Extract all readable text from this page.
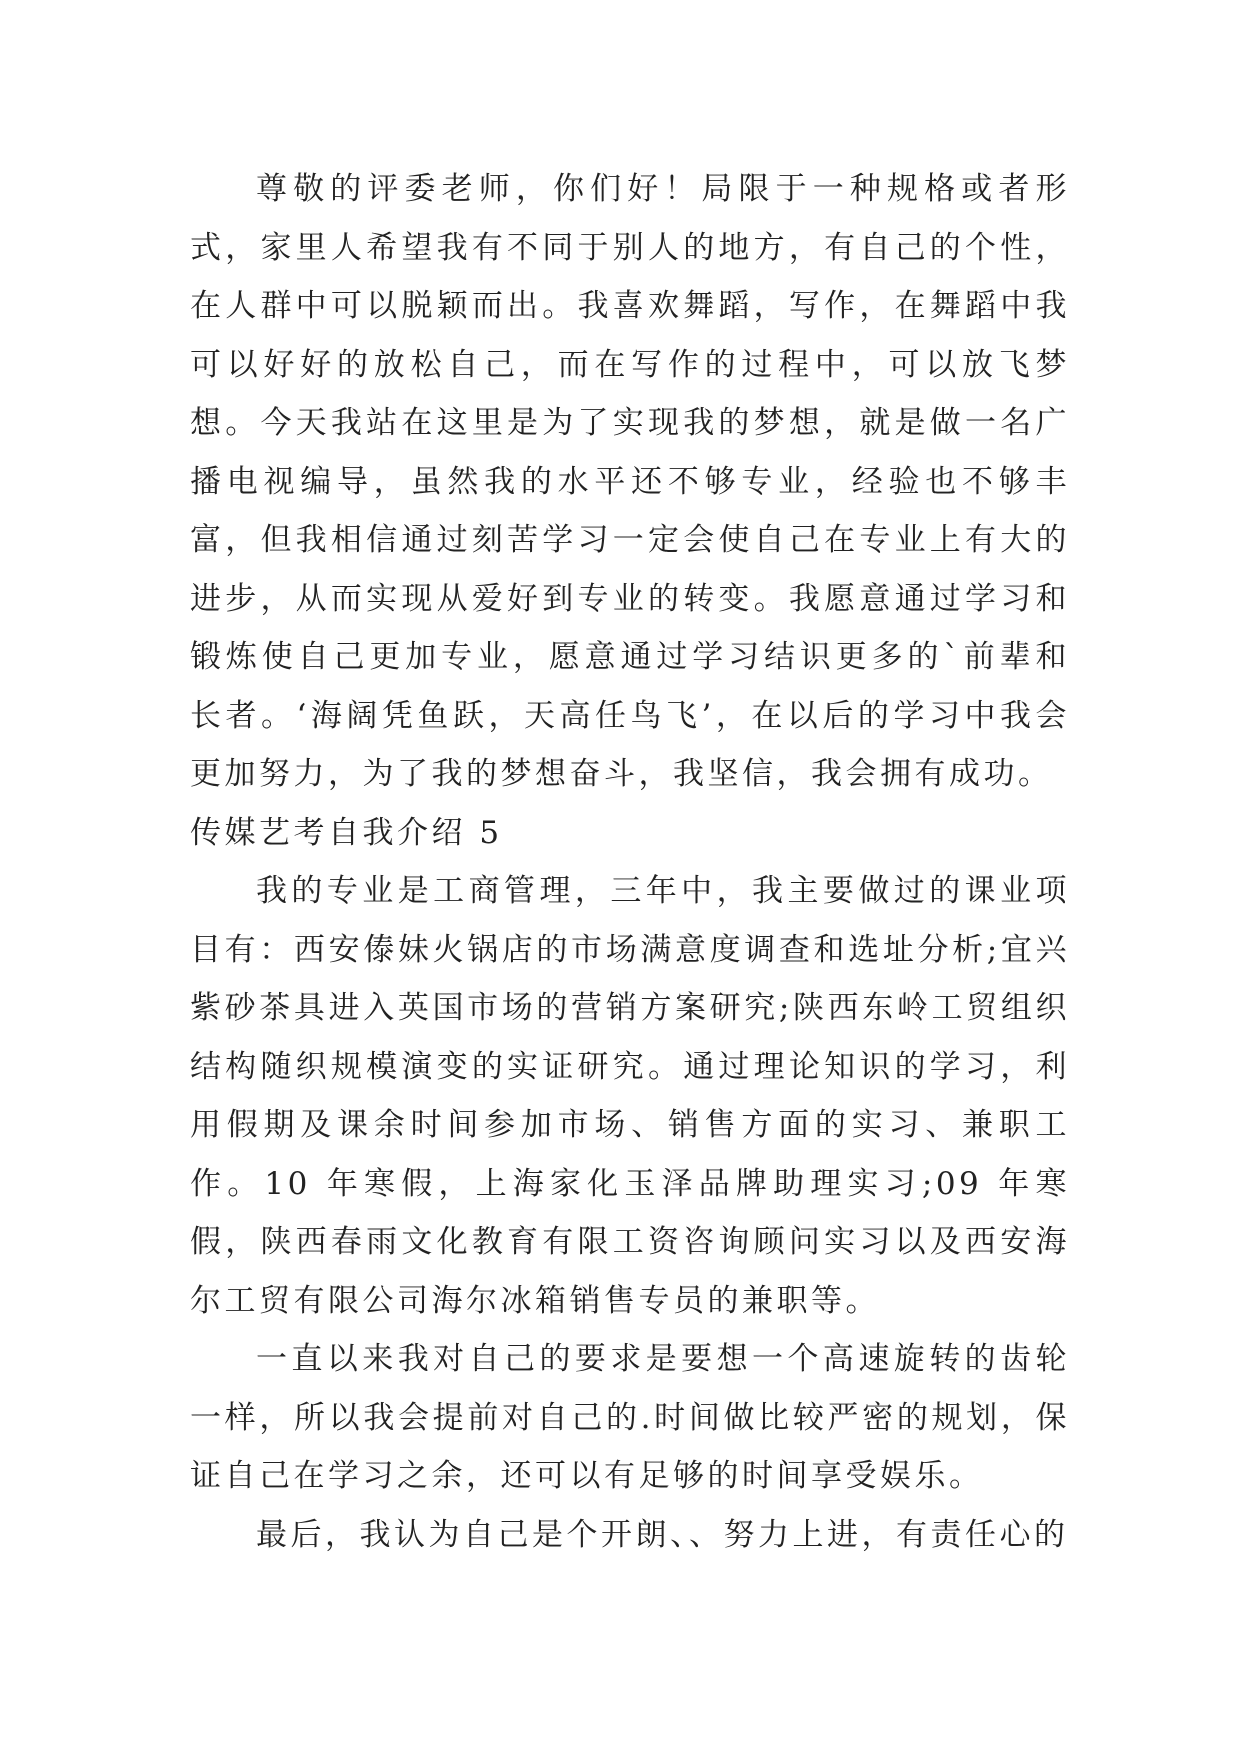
尊敬的评委老师，你们好！局限于一种规格或者形式，家里人希望我有不同于别人的地方，有自己的个性，在人群中可以脱颖而出。我喜欢舞蹈，写作，在舞蹈中我可以好好的放松自己，而在写作的过程中，可以放飞梦想。今天我站在这里是为了实现我的梦想，就是做一名广播电视编导，虽然我的水平还不够专业，经验也不够丰富，但我相信通过刻苦学习一定会使自己在专业上有大的进步，从而实现从爱好到专业的转变。我愿意通过学习和锻炼使自己更加专业，愿意通过学习结识更多的`前辈和长者。‘海阔凭鱼跃，天高任鸟飞’，在以后的学习中我会更加努力，为了我的梦想奋斗，我坚信，我会拥有成功。

传媒艺考自我介绍 5

我的专业是工商管理，三年中，我主要做过的课业项目有：西安傣妹火锅店的市场满意度调查和选址分析;宜兴紫砂茶具进入英国市场的营销方案研究;陕西东岭工贸组织结构随织规模演变的实证研究。通过理论知识的学习，利用假期及课余时间参加市场、销售方面的实习、兼职工作。10 年寒假，上海家化玉泽品牌助理实习;09 年寒假，陕西春雨文化教育有限工资咨询顾问实习以及西安海尔工贸有限公司海尔冰箱销售专员的兼职等。

一直以来我对自己的要求是要想一个高速旋转的齿轮一样，所以我会提前对自己的.时间做比较严密的规划，保证自己在学习之余，还可以有足够的时间享受娱乐。

最后，我认为自己是个开朗、、努力上进，有责任心的
